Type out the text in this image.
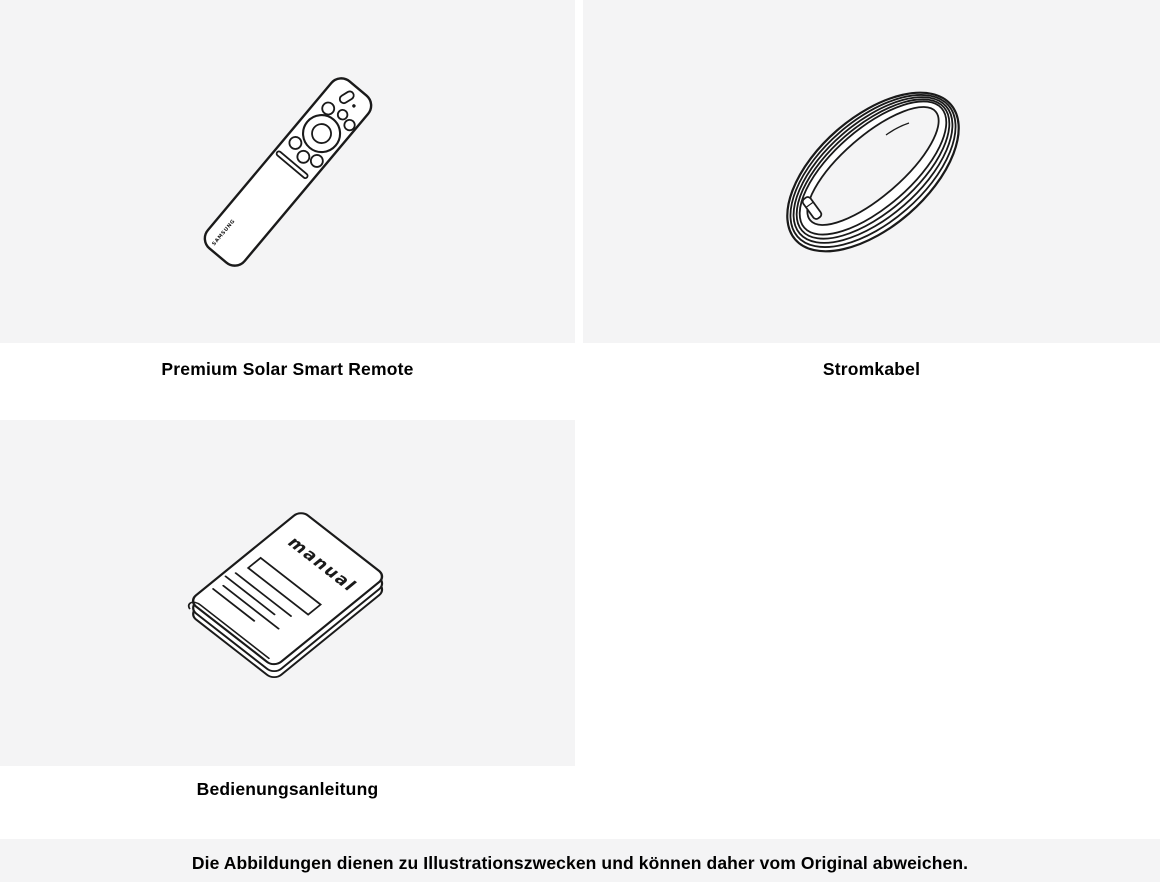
SAMSUNG
manual
Premium Solar Smart Remote	Stromkabel
Bedienungsanleitung
Die Abbildungen dienen zu Illustrationszwecken und können daher vom Original abweichen.
